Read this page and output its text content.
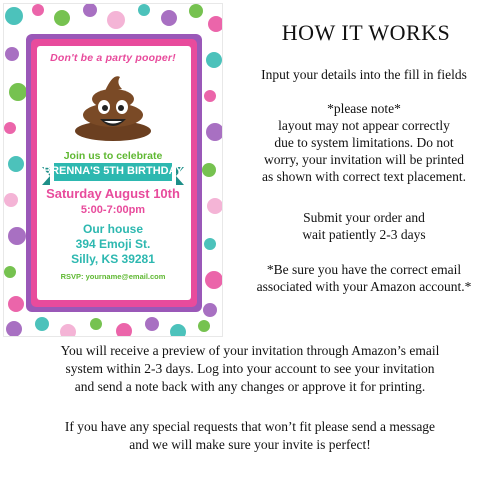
Don't be a party pooper!
Join us to celebrate
BRENNA'S 5TH BIRTHDAY
Saturday August 10th
5:00-7:00pm
Our house
394 Emoji St.
Silly, KS 39281
RSVP: yourname@email.com
HOW IT WORKS
Input your details into the fill in fields
*please note*
layout may not appear correctly
due to system limitations. Do not
worry, your invitation will be printed
as shown with correct text placement.
Submit your order and
wait patiently 2-3 days
*Be sure you have the correct email
associated with your Amazon account.*
You will receive a preview of your invitation through Amazon’s email
system within 2-3 days. Log into your account to see your invitation
and send a note back with any changes or approve it for printing.
If you have any special requests that won’t fit please send a message
and we will make sure your invite is perfect!
